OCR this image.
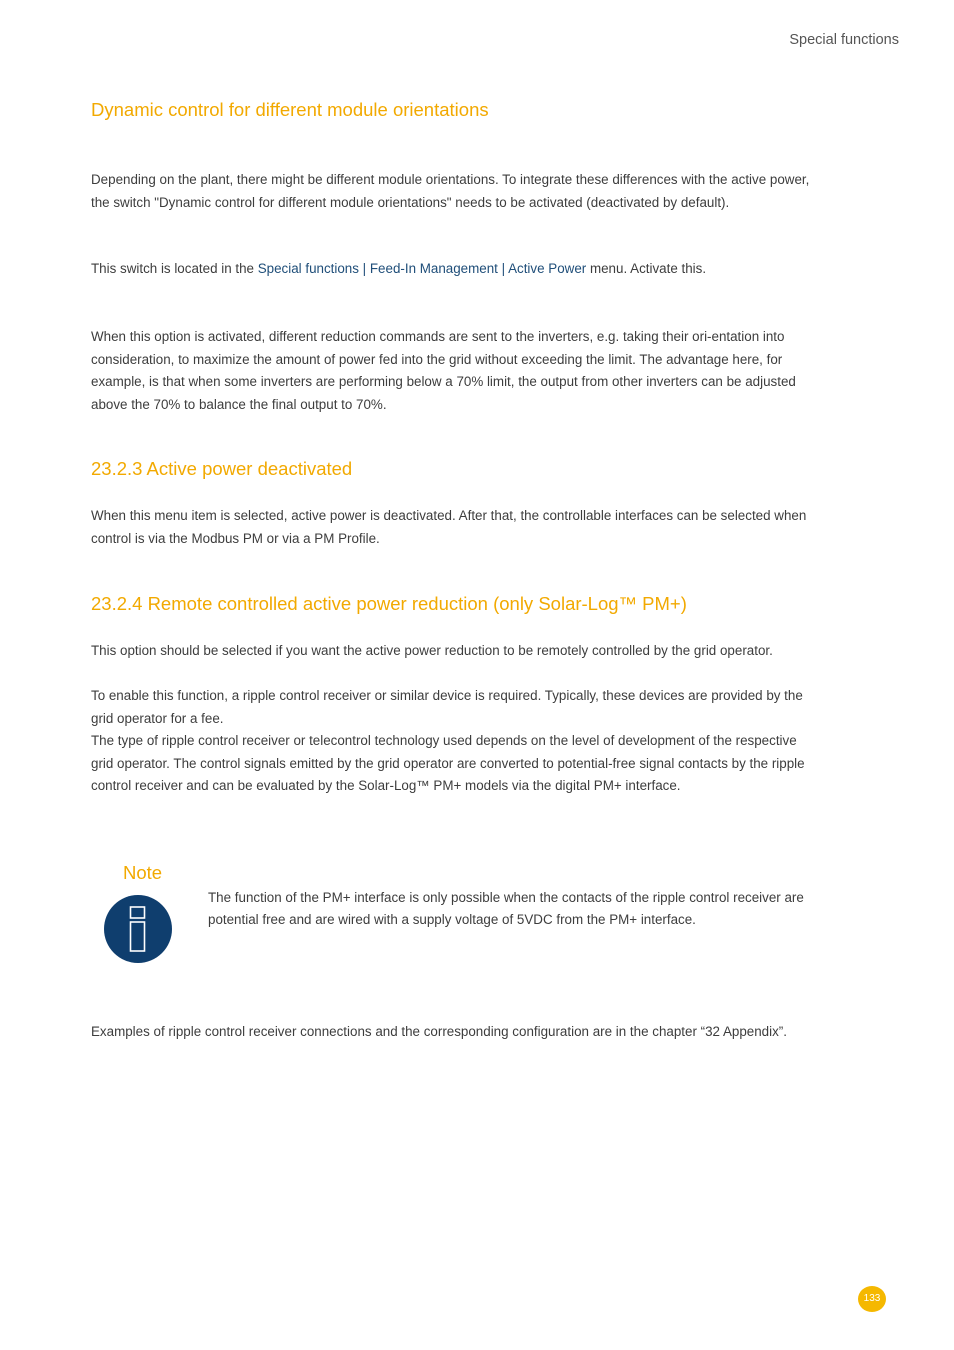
Special functions
Dynamic control for different module orientations

Depending on the plant, there might be different module orientations. To integrate these differences with the active power, the switch "Dynamic control for different module orientations" needs to be activated (deactivated by default).

This switch is located in the Special functions | Feed-In Management | Active Power menu. Activate this.

When this option is activated, different reduction commands are sent to the inverters, e.g. taking their ori-entation into consideration, to maximize the amount of power fed into the grid without exceeding the limit. The advantage here, for example, is that when some inverters are performing below a 70% limit, the output from other inverters can be adjusted above the 70% to balance the final output to 70%.

23.2.3 Active power deactivated

When this menu item is selected, active power is deactivated. After that, the controllable interfaces can be selected when control is via the Modbus PM or via a PM Profile.

23.2.4 Remote controlled active power reduction (only Solar-Log™ PM+)

This option should be selected if you want the active power reduction to be remotely controlled by the grid operator.

To enable this function, a ripple control receiver or similar device is required. Typically, these devices are provided by the grid operator for a fee.

The type of ripple control receiver or telecontrol technology used depends on the level of development of the respective grid operator. The control signals emitted by the grid operator are converted to potential-free signal contacts by the ripple control receiver and can be evaluated by the Solar-Log™ PM+ models via the digital PM+ interface.

Note

The function of the PM+ interface is only possible when the contacts of the ripple control receiver are potential free and are wired with a supply voltage of 5VDC from the PM+ interface.

Examples of ripple control receiver connections and the corresponding configuration are in the chapter “32 Appendix”.

133
